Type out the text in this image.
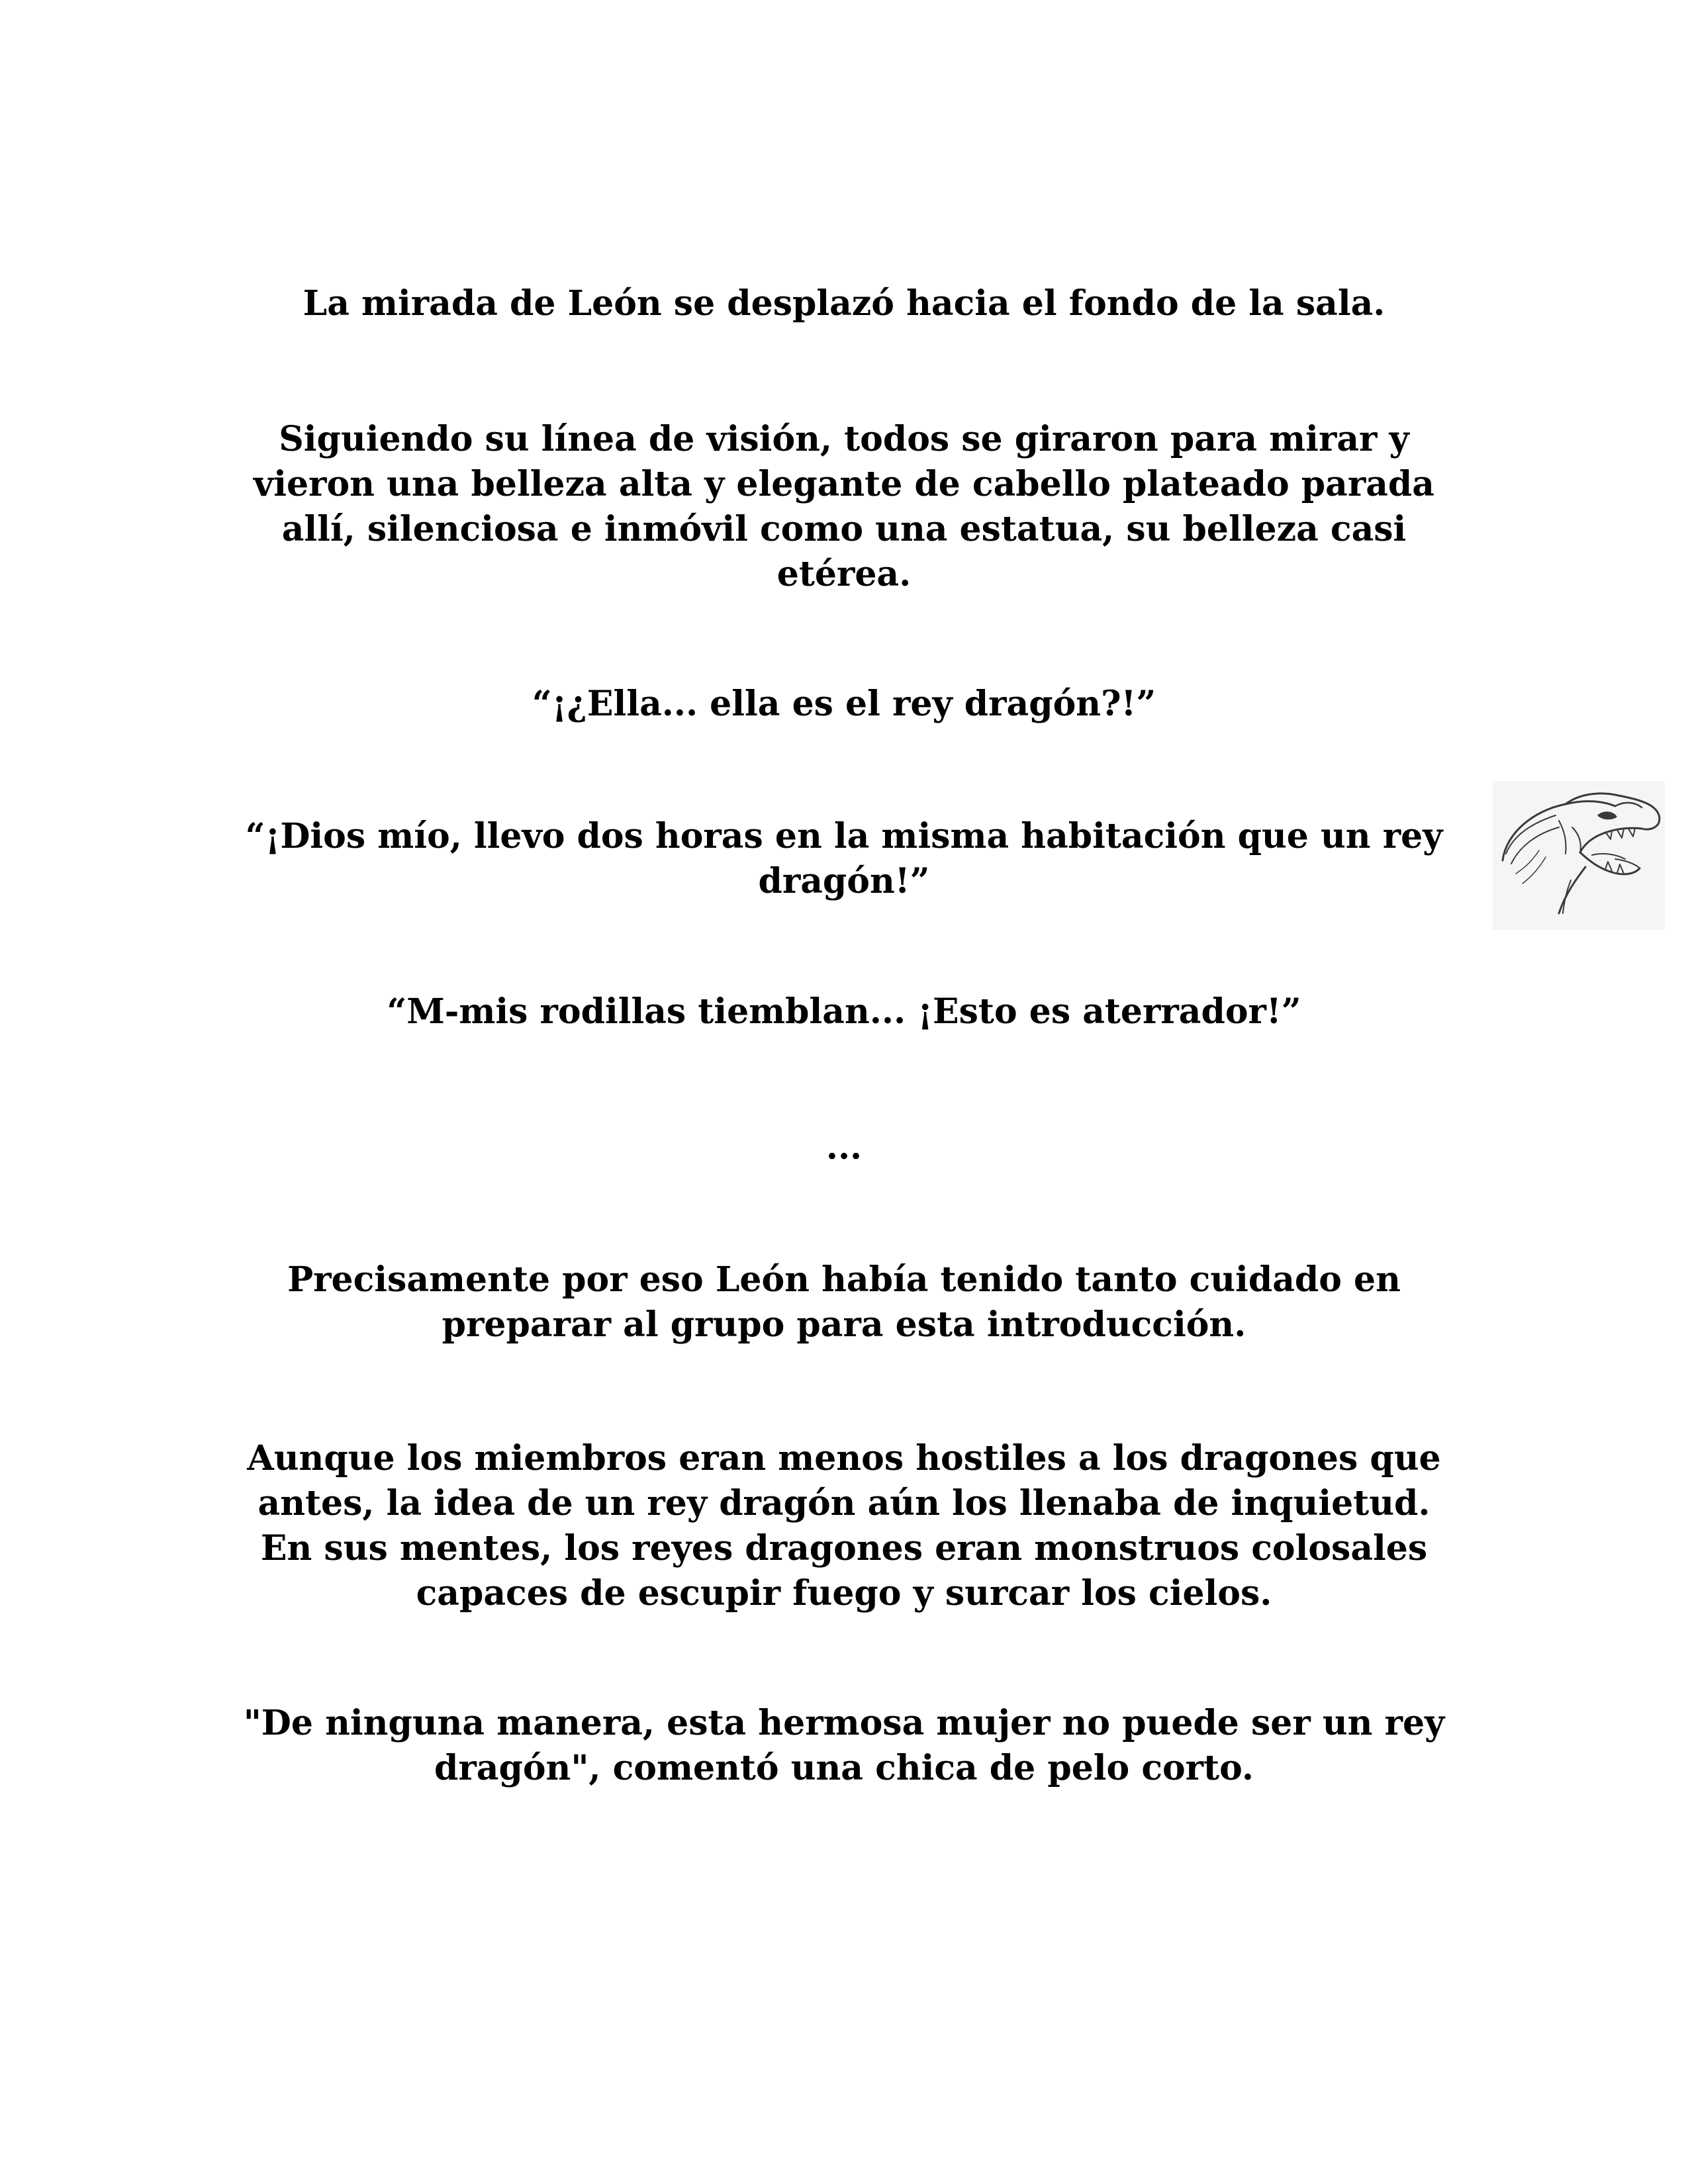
La mirada de León se desplazó hacia el fondo de la sala.

Siguiendo su línea de visión, todos se giraron para mirar y
vieron una belleza alta y elegante de cabello plateado parada
allí, silenciosa e inmóvil como una estatua, su belleza casi
etérea.

“¡¿Ella... ella es el rey dragón?!”

“¡Dios mío, llevo dos horas en la misma habitación que un rey
dragón!”

“M-mis rodillas tiemblan... ¡Esto es aterrador!”

...

Precisamente por eso León había tenido tanto cuidado en
preparar al grupo para esta introducción.

Aunque los miembros eran menos hostiles a los dragones que
antes, la idea de un rey dragón aún los llenaba de inquietud.
En sus mentes, los reyes dragones eran monstruos colosales
capaces de escupir fuego y surcar los cielos.

"De ninguna manera, esta hermosa mujer no puede ser un rey
dragón", comentó una chica de pelo corto.
